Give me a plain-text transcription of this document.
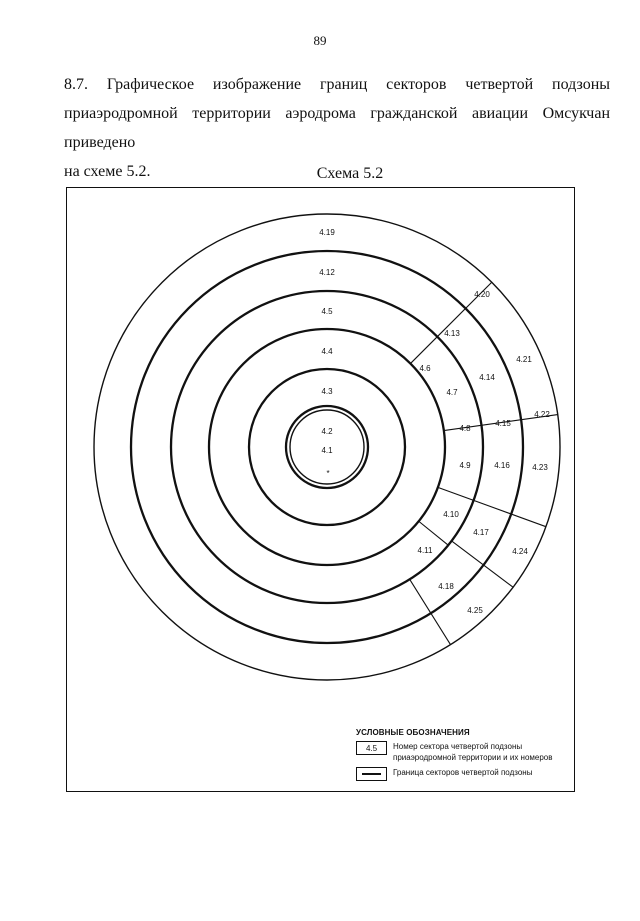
89
8.7. Графическое изображение границ секторов четвертой подзоны
приаэродромной территории аэродрома гражданской авиации Омсукчан приведено
на схеме 5.2.	Схема 5.2
*
4.1
4.2
4.3
4.4
4.5
4.12
4.19
4.6
4.13
4.20
4.7
4.14
4.21
4.8
4.15
4.22
4.9	4.16	4.23
4.10
4.17
4.24
4.11
4.18
4.25
УСЛОВНЫЕ ОБОЗНАЧЕНИЯ
4.5	Номер сектора четвертой подзоны приаэродромной территории и их номеров
Граница секторов четвертой подзоны
